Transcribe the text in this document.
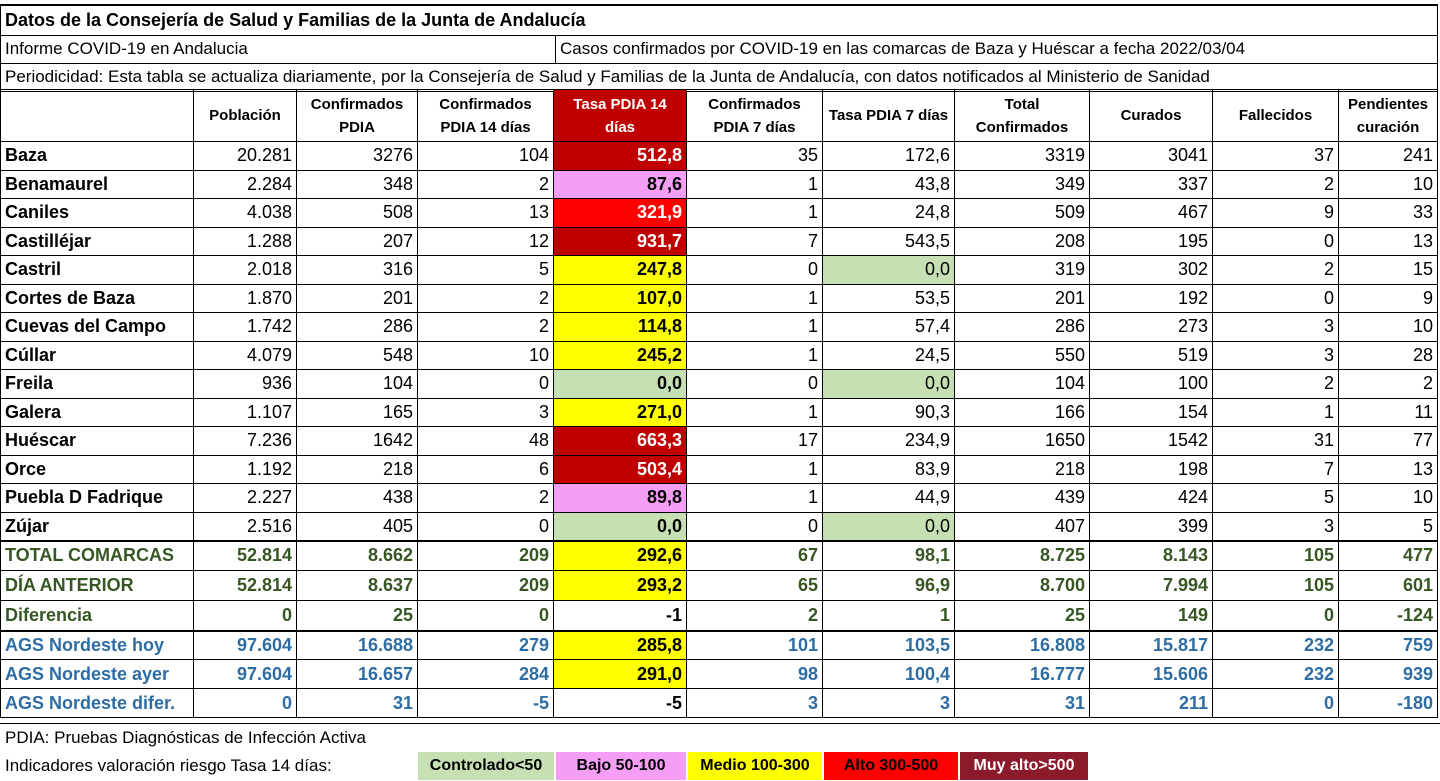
Datos de la Consejería de Salud y Familias de la Junta de Andalucía
Informe COVID-19 en Andalucia	Casos confirmados por COVID-19 en las comarcas de Baza y Huéscar a fecha 2022/03/04
Periodicidad: Esta tabla se actualiza diariamente, por la Consejería de Salud y Familias de la Junta de Andalucía, con datos notificados al Ministerio de Sanidad
	Población	Confirmados PDIA	Confirmados PDIA 14 días	Tasa PDIA 14 días	Confirmados PDIA 7 días	Tasa PDIA 7 días	Total Confirmados	Curados	Fallecidos	Pendientes curación
Baza	20.281	3276	104	512,8	35	172,6	3319	3041	37	241
Benamaurel	2.284	348	2	87,6	1	43,8	349	337	2	10
Caniles	4.038	508	13	321,9	1	24,8	509	467	9	33
Castilléjar	1.288	207	12	931,7	7	543,5	208	195	0	13
Castril	2.018	316	5	247,8	0	0,0	319	302	2	15
Cortes de Baza	1.870	201	2	107,0	1	53,5	201	192	0	9
Cuevas del Campo	1.742	286	2	114,8	1	57,4	286	273	3	10
Cúllar	4.079	548	10	245,2	1	24,5	550	519	3	28
Freila	936	104	0	0,0	0	0,0	104	100	2	2
Galera	1.107	165	3	271,0	1	90,3	166	154	1	11
Huéscar	7.236	1642	48	663,3	17	234,9	1650	1542	31	77
Orce	1.192	218	6	503,4	1	83,9	218	198	7	13
Puebla D Fadrique	2.227	438	2	89,8	1	44,9	439	424	5	10
Zújar	2.516	405	0	0,0	0	0,0	407	399	3	5
TOTAL COMARCAS	52.814	8.662	209	292,6	67	98,1	8.725	8.143	105	477
DÍA ANTERIOR	52.814	8.637	209	293,2	65	96,9	8.700	7.994	105	601
Diferencia	0	25	0	-1	2	1	25	149	0	-124
AGS Nordeste hoy	97.604	16.688	279	285,8	101	103,5	16.808	15.817	232	759
AGS Nordeste ayer	97.604	16.657	284	291,0	98	100,4	16.777	15.606	232	939
AGS Nordeste difer.	0	31	-5	-5	3	3	31	211	0	-180
PDIA: Pruebas Diagnósticas de Infección Activa
Indicadores valoración riesgo Tasa 14 días:	Controlado<50	Bajo 50-100	Medio 100-300	Alto 300-500	Muy alto>500
